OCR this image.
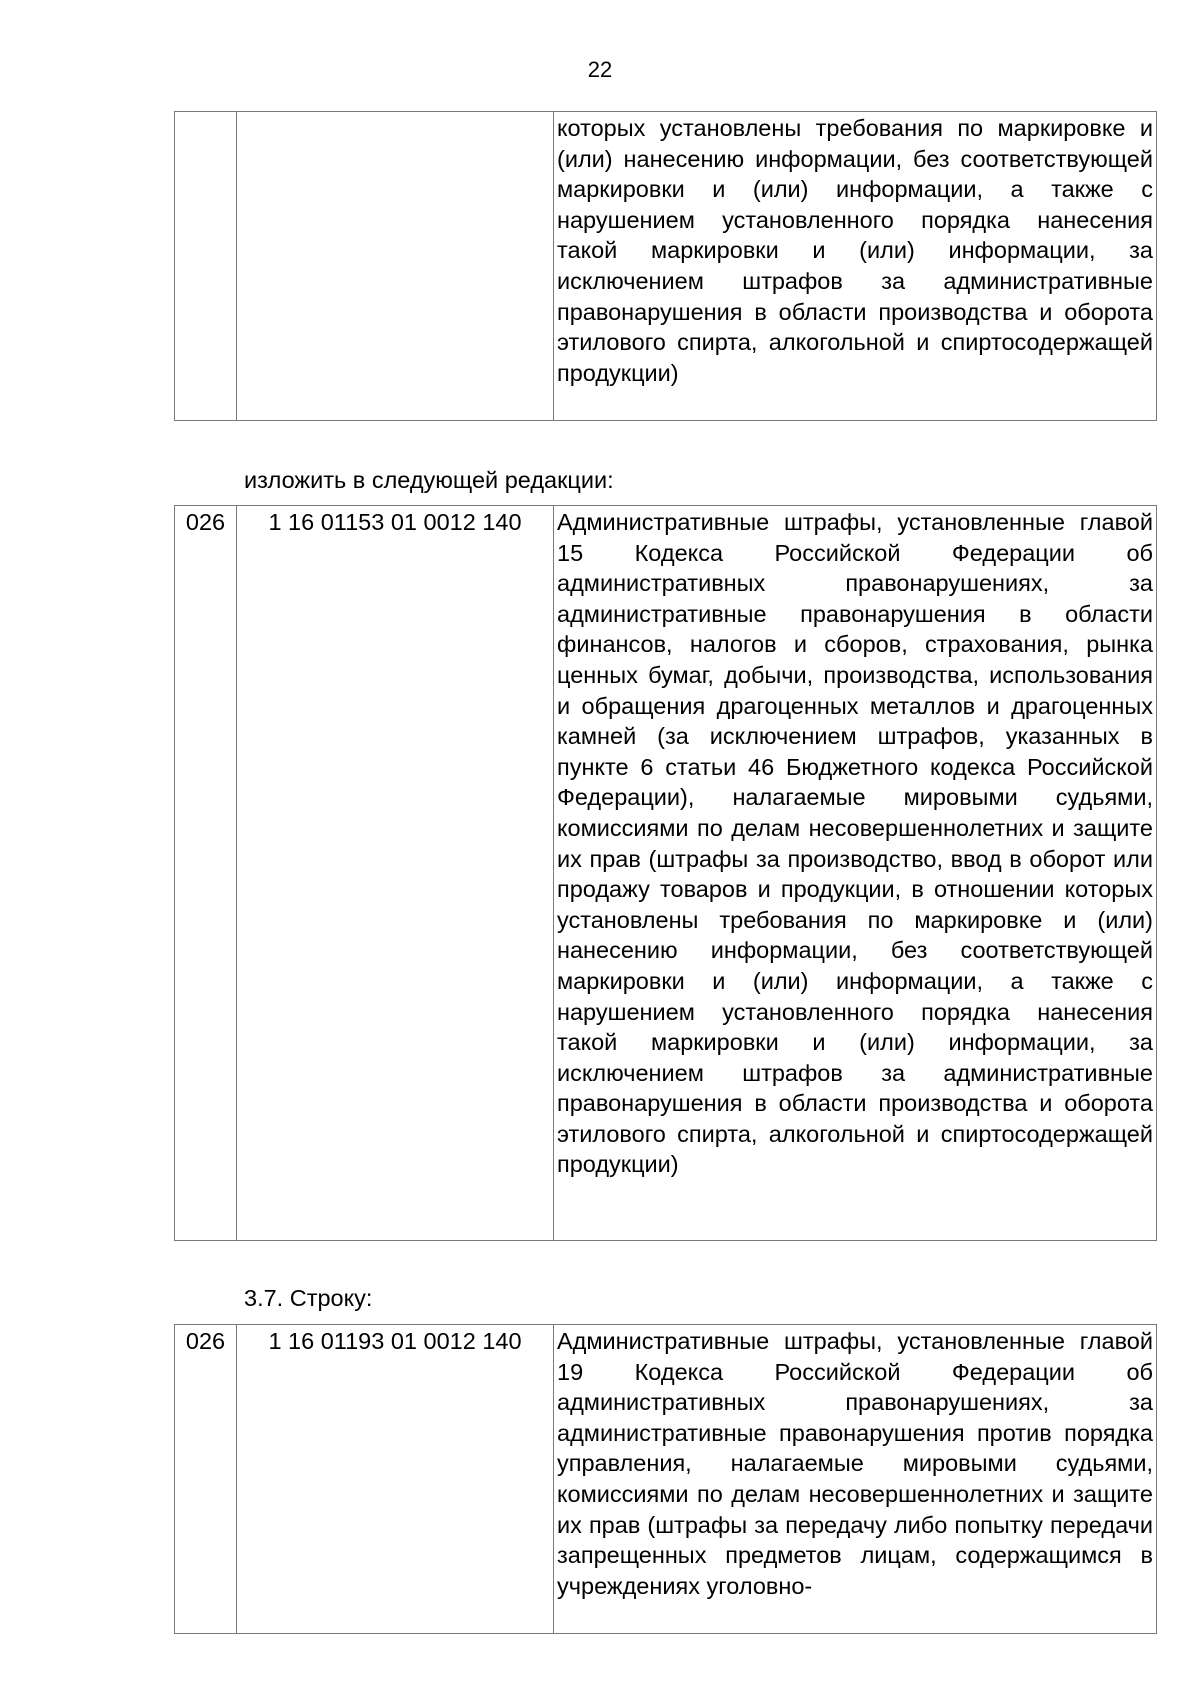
22
		которых установлены требования по маркировке и (или) нанесению информации, без соответствующей маркировки и (или) информации, а также с нарушением установленного порядка нанесения такой маркировки и (или) информации, за исключением штрафов за административные правонарушения в области производства и оборота этилового спирта, алкогольной и спиртосодержащей продукции)
изложить в следующей редакции:
026	1 16 01153 01 0012 140	Административные штрафы, установленные главой 15 Кодекса Российской Федерации об административных правонарушениях, за административные правонарушения в области финансов, налогов и сборов, страхования, рынка ценных бумаг, добычи, производства, использования и обращения драгоценных металлов и драгоценных камней (за исключением штрафов, указанных в пункте 6 статьи 46 Бюджетного кодекса Российской Федерации), налагаемые мировыми судьями, комиссиями по делам несовершеннолетних и защите их прав (штрафы за производство, ввод в оборот или продажу товаров и продукции, в отношении которых установлены требования по маркировке и (или) нанесению информации, без соответствующей маркировки и (или) информации, а также с нарушением установленного порядка нанесения такой маркировки и (или) информации, за исключением штрафов за административные правонарушения в области производства и оборота этилового спирта, алкогольной и спиртосодержащей продукции)
3.7. Строку:
026	1 16 01193 01 0012 140	Административные штрафы, установленные главой 19 Кодекса Российской Федерации об административных правонарушениях, за административные правонарушения против порядка управления, налагаемые мировыми судьями, комиссиями по делам несовершеннолетних и защите их прав (штрафы за передачу либо попытку передачи запрещенных предметов лицам, содержащимся в учреждениях уголовно-
